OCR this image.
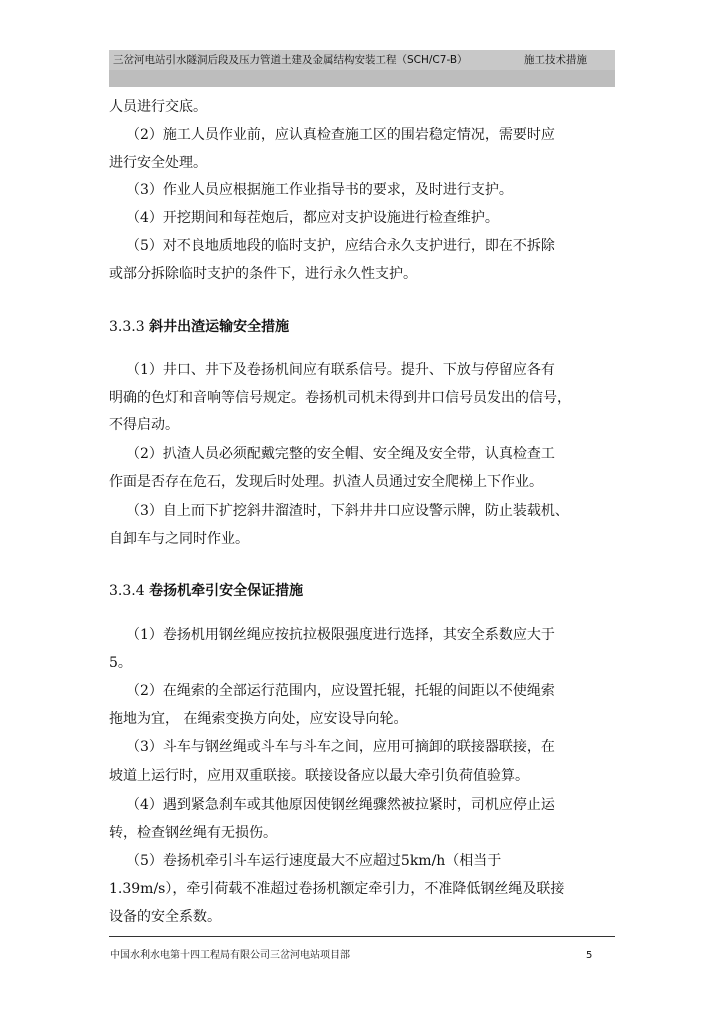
三岔河电站引水隧洞后段及压力管道土建及金属结构安装工程（SCH/C7-B）	施工技术措施
人员进行交底。
（2）施工人员作业前，应认真检查施工区的围岩稳定情况，需要时应
进行安全处理。
（3）作业人员应根据施工作业指导书的要求，及时进行支护。
（4）开挖期间和每茬炮后，都应对支护设施进行检查维护。
（5）对不良地质地段的临时支护，应结合永久支护进行，即在不拆除
或部分拆除临时支护的条件下，进行永久性支护。
3.3.3 斜井出渣运输安全措施
（1）井口、井下及卷扬机间应有联系信号。提升、下放与停留应各有
明确的色灯和音响等信号规定。卷扬机司机未得到井口信号员发出的信号，
不得启动。
（2）扒渣人员必须配戴完整的安全帽、安全绳及安全带，认真检查工
作面是否存在危石，发现后时处理。扒渣人员通过安全爬梯上下作业。
（3）自上而下扩挖斜井溜渣时，下斜井井口应设警示牌，防止装载机、
自卸车与之同时作业。
3.3.4 卷扬机牵引安全保证措施
（1）卷扬机用钢丝绳应按抗拉极限强度进行选择，其安全系数应大于
5。
（2）在绳索的全部运行范围内，应设置托辊，托辊的间距以不使绳索
拖地为宜， 在绳索变换方向处，应安设导向轮。
（3）斗车与钢丝绳或斗车与斗车之间，应用可摘卸的联接器联接，在
坡道上运行时，应用双重联接。联接设备应以最大牵引负荷值验算。
（4）遇到紧急刹车或其他原因使钢丝绳骤然被拉紧时，司机应停止运
转，检查钢丝绳有无损伤。
（5）卷扬机牵引斗车运行速度最大不应超过5km/h（相当于
1.39m/s），牵引荷载不准超过卷扬机额定牵引力，不准降低钢丝绳及联接
设备的安全系数。
中国水利水电第十四工程局有限公司三岔河电站项目部	5
